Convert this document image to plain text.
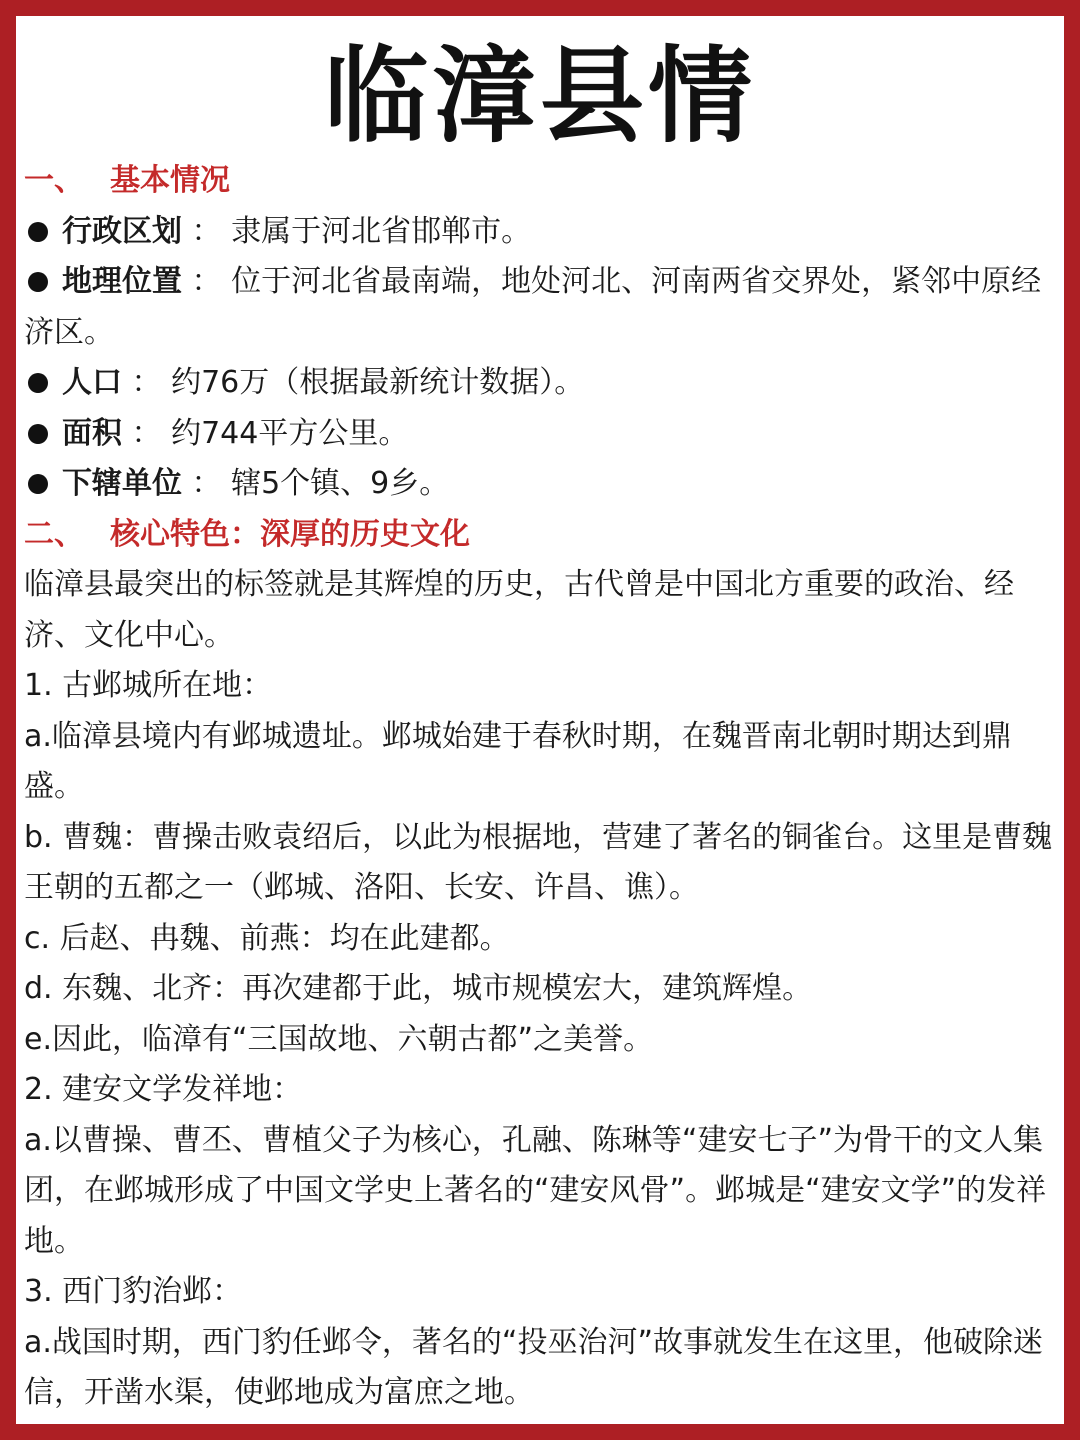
临漳县情

一、 基本情况

行政区划 ： 隶属于河北省邯郸市。

地理位置 ： 位于河北省最南端，地处河北、河南两省交界处，紧邻中原经济区。

人口 ： 约76万（根据最新统计数据）。

面积 ： 约744平方公里。

下辖单位 ： 辖5个镇、9乡。

二、 核心特色：深厚的历史文化

临漳县最突出的标签就是其辉煌的历史，古代曾是中国北方重要的政治、经济、文化中心。

1. 古邺城所在地：

a.临漳县境内有邺城遗址。邺城始建于春秋时期，在魏晋南北朝时期达到鼎盛。

b. 曹魏：曹操击败袁绍后，以此为根据地，营建了著名的铜雀台。这里是曹魏王朝的五都之一（邺城、洛阳、长安、许昌、谯）。

c. 后赵、冉魏、前燕：均在此建都。

d. 东魏、北齐：再次建都于此，城市规模宏大，建筑辉煌。

e.因此，临漳有“三国故地、六朝古都”之美誉。

2. 建安文学发祥地：

a.以曹操、曹丕、曹植父子为核心，孔融、陈琳等“建安七子”为骨干的文人集团，在邺城形成了中国文学史上著名的“建安风骨”。邺城是“建安文学”的发祥地。

3. 西门豹治邺：

a.战国时期，西门豹任邺令，著名的“投巫治河”故事就发生在这里，他破除迷信，开凿水渠，使邺地成为富庶之地。
